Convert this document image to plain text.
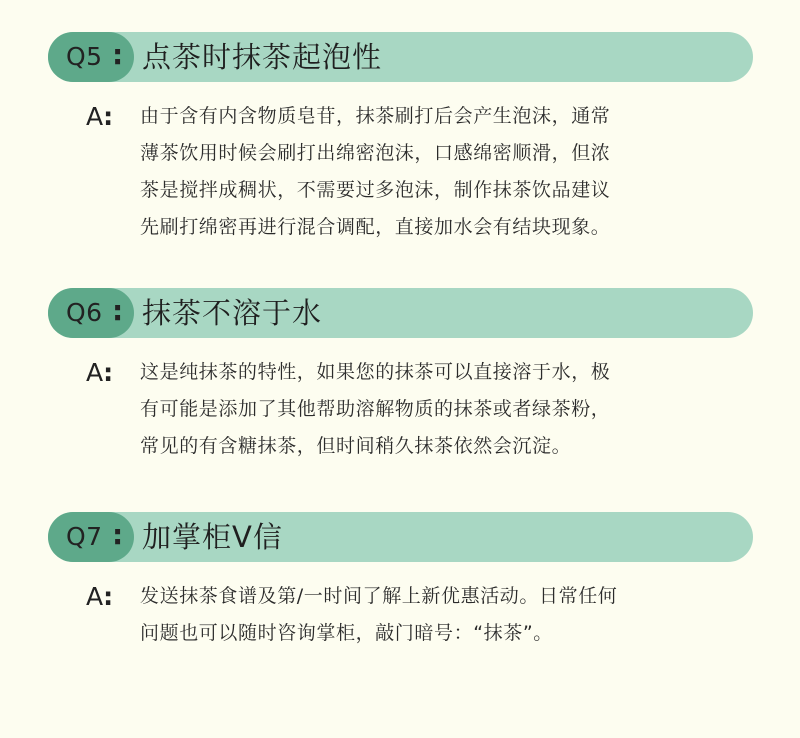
Q5 : 点茶时抹茶起泡性
A: 由于含有内含物质皂苷，抹茶刷打后会产生泡沫，通常
薄茶饮用时候会刷打出绵密泡沫，口感绵密顺滑，但浓
茶是搅拌成稠状，不需要过多泡沫，制作抹茶饮品建议
先刷打绵密再进行混合调配，直接加水会有结块现象。
Q6 : 抹茶不溶于水
A: 这是纯抹茶的特性，如果您的抹茶可以直接溶于水，极
有可能是添加了其他帮助溶解物质的抹茶或者绿茶粉，
常见的有含糖抹茶，但时间稍久抹茶依然会沉淀。
Q7 : 加掌柜V信
A: 发送抹茶食谱及第/一时间了解上新优惠活动。日常任何
问题也可以随时咨询掌柜，敲门暗号：“抹茶”。
